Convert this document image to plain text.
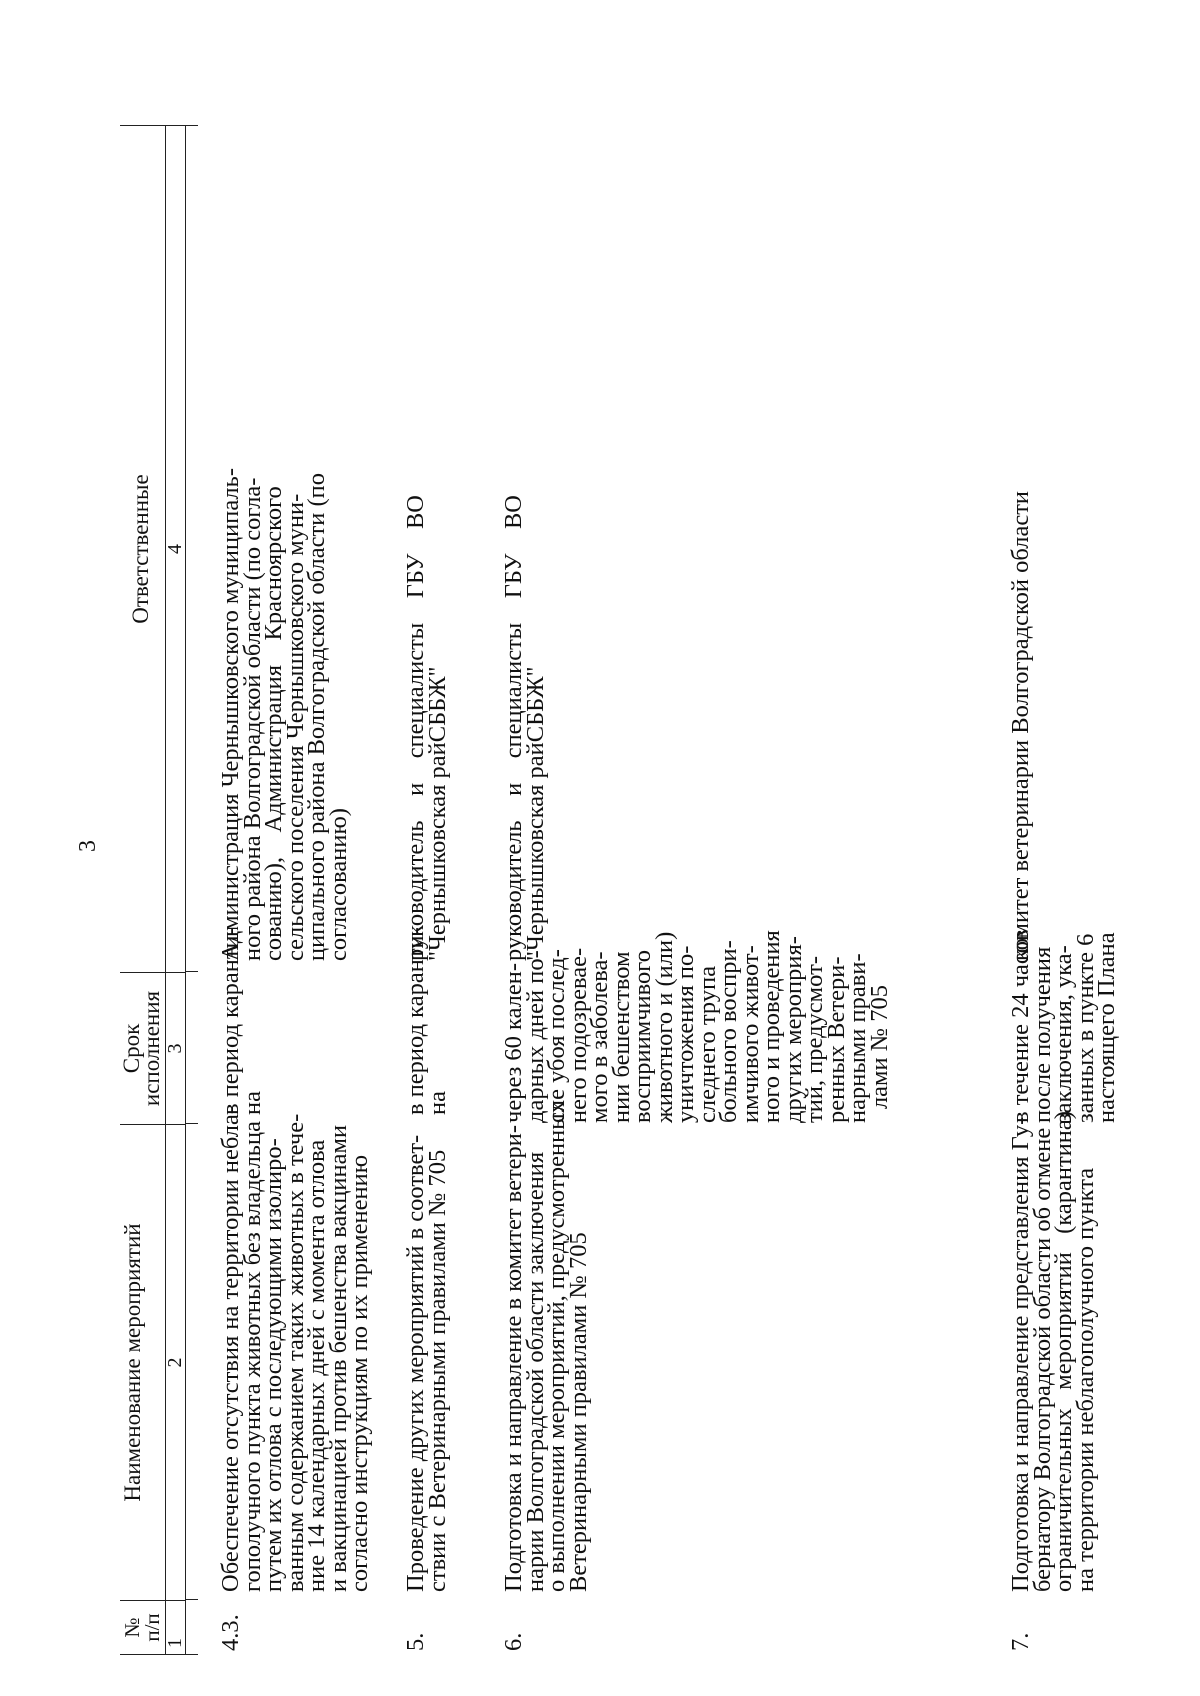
3
№
п/п
Наименование мероприятий
Срок
исполнения
Ответственные
1
2
3
4
4.3.
Обеспечение отсутствия на территории небла-
гополучного пункта животных без владельца
путем их отлова с последующими изолиро-
ванным содержанием таких животных в тече-
ние 14 календарных дней с момента отлова
и вакцинацией против бешенства вакцинами
согласно инструкциям по их применению
в период каранти-
на
Администрация Чернышковского муниципаль-
ного района Волгоградской области (по согла-
сованию),    Администрация    Красноярского
сельского поселения Чернышковского муни-
ципального района Волгоградской области (по
согласованию)
5.
Проведение других мероприятий в соответ-
ствии с Ветеринарными правилами № 705
в период каранти-
на
руководитель    и    специалисты    ГБУ    ВО
"Чернышковская райСББЖ"
6.
Подготовка и направление в комитет ветери-
нарии Волгоградской области заключения
о выполнении мероприятий, предусмотренных
Ветеринарными правилами № 705
через 60 кален-
дарных дней по-
сле убоя послед-
него подозревае-
мого в заболева-
нии бешенством
восприимчивого
животного и (или)
уничтожения по-
следнего трупа
больного воспри-
имчивого живот-
ного и проведения
других мероприя-
тий, предусмот-
ренных Ветери-
нарными прави-
лами № 705
руководитель    и    специалисты    ГБУ    ВО
"Чернышковская райСББЖ"
7.
Подготовка и направление представления Гу-
бернатору Волгоградской области об отмене
ограничительных   мероприятий   (карантина)
на территории неблагополучного пункта
в течение 24 часов
после получения
заключения, ука-
занных в пункте 6
настоящего Плана
комитет ветеринарии Волгоградской области
